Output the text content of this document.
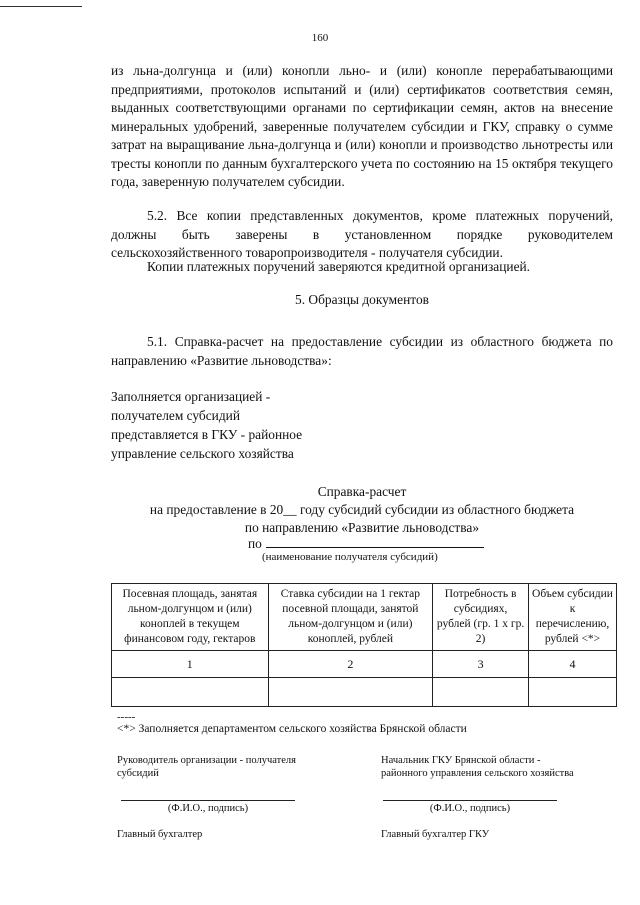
160

из льна-долгунца и (или) конопли льно- и (или) конопле перерабатывающими предприятиями, протоколов испытаний и (или) сертификатов соответствия семян, выданных соответствующими органами по сертификации семян, актов на внесение минеральных удобрений, заверенные получателем субсидии и ГКУ, справку о сумме затрат на выращивание льна-долгунца и (или) конопли и производство льнотресты или тресты конопли по данным бухгалтерского учета по состоянию на 15 октября текущего года, заверенную получателем субсидии.

5.2. Все копии представленных документов, кроме платежных поручений, должны быть заверены в установленном порядке руководителем сельскохозяйственного товаропроизводителя - получателя субсидии.

Копии платежных поручений заверяются кредитной организацией.

5. Образцы документов

5.1. Справка-расчет на предоставление субсидии из областного бюджета по направлению «Развитие льноводства»:

Заполняется организацией -
получателем субсидий
представляется в ГКУ - районное
управление сельского хозяйства

Справка-расчет

на предоставление в 20__ году субсидий субсидии из областного бюджета

по направлению «Развитие льноводства»

по
(наименование получателя субсидий)
Посевная площадь, занятая льном-долгунцом и (или) коноплей в текущем финансовом году, гектаров	Ставка субсидии на 1 гектар посевной площади, занятой льном-долгунцом и (или) коноплей, рублей	Потребность в субсидиях, рублей (гр. 1 х гр. 2)	Объем субсидии к перечислению, рублей <*>
1	2	3	4

-----
<*> Заполняется департаментом сельского хозяйства Брянской области

Руководитель организации - получателя субсидий

(Ф.И.О., подпись)

Главный бухгалтер

Начальник ГКУ Брянской области - районного управления сельского хозяйства

(Ф.И.О., подпись)

Главный бухгалтер ГКУ
